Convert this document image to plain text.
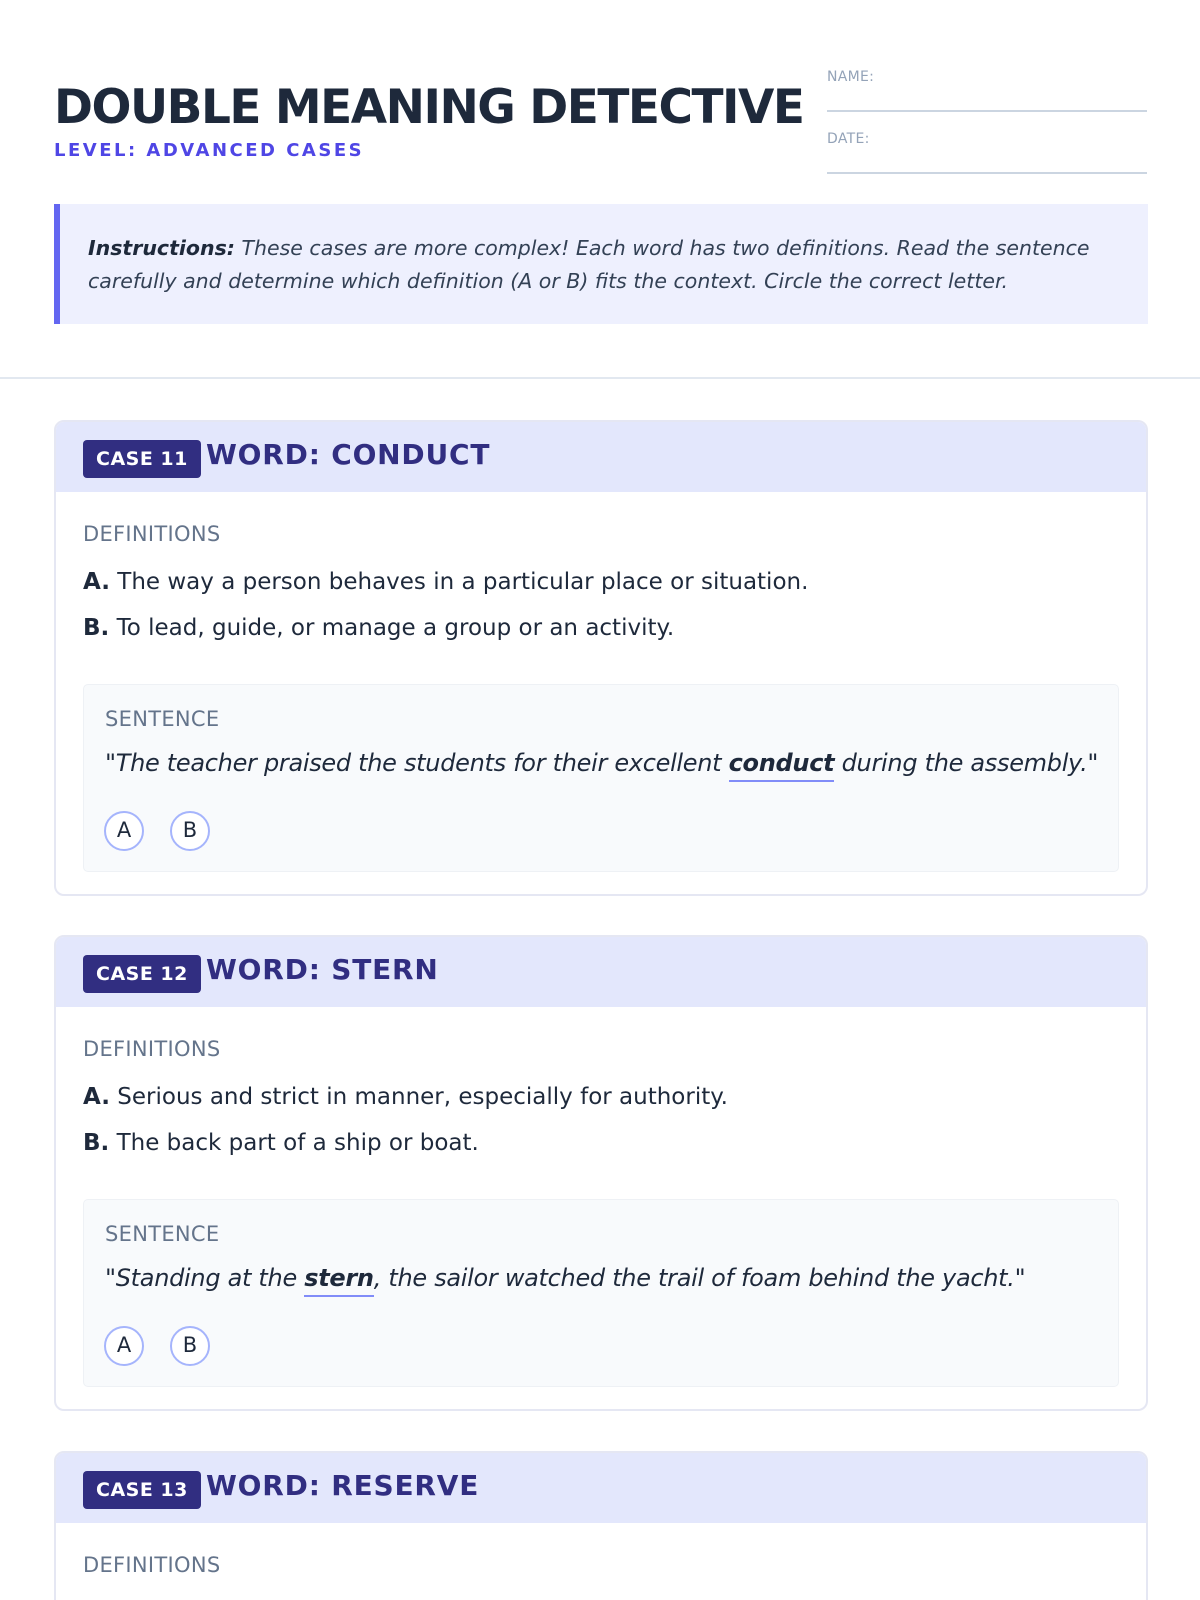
DOUBLE MEANING DETECTIVE
LEVEL: ADVANCED CASES
NAME:
DATE:
Instructions: These cases are more complex! Each word has two definitions. Read the sentence carefully and determine which definition (A or B) fits the context. Circle the correct letter.
CASE 11 WORD: CONDUCT
DEFINITIONS
A. The way a person behaves in a particular place or situation.
B. To lead, guide, or manage a group or an activity.
SENTENCE
"The teacher praised the students for their excellent conduct during the assembly."
A	B
CASE 12 WORD: STERN
DEFINITIONS
A. Serious and strict in manner, especially for authority.
B. The back part of a ship or boat.
SENTENCE
"Standing at the stern, the sailor watched the trail of foam behind the yacht."
A	B
CASE 13 WORD: RESERVE
DEFINITIONS
